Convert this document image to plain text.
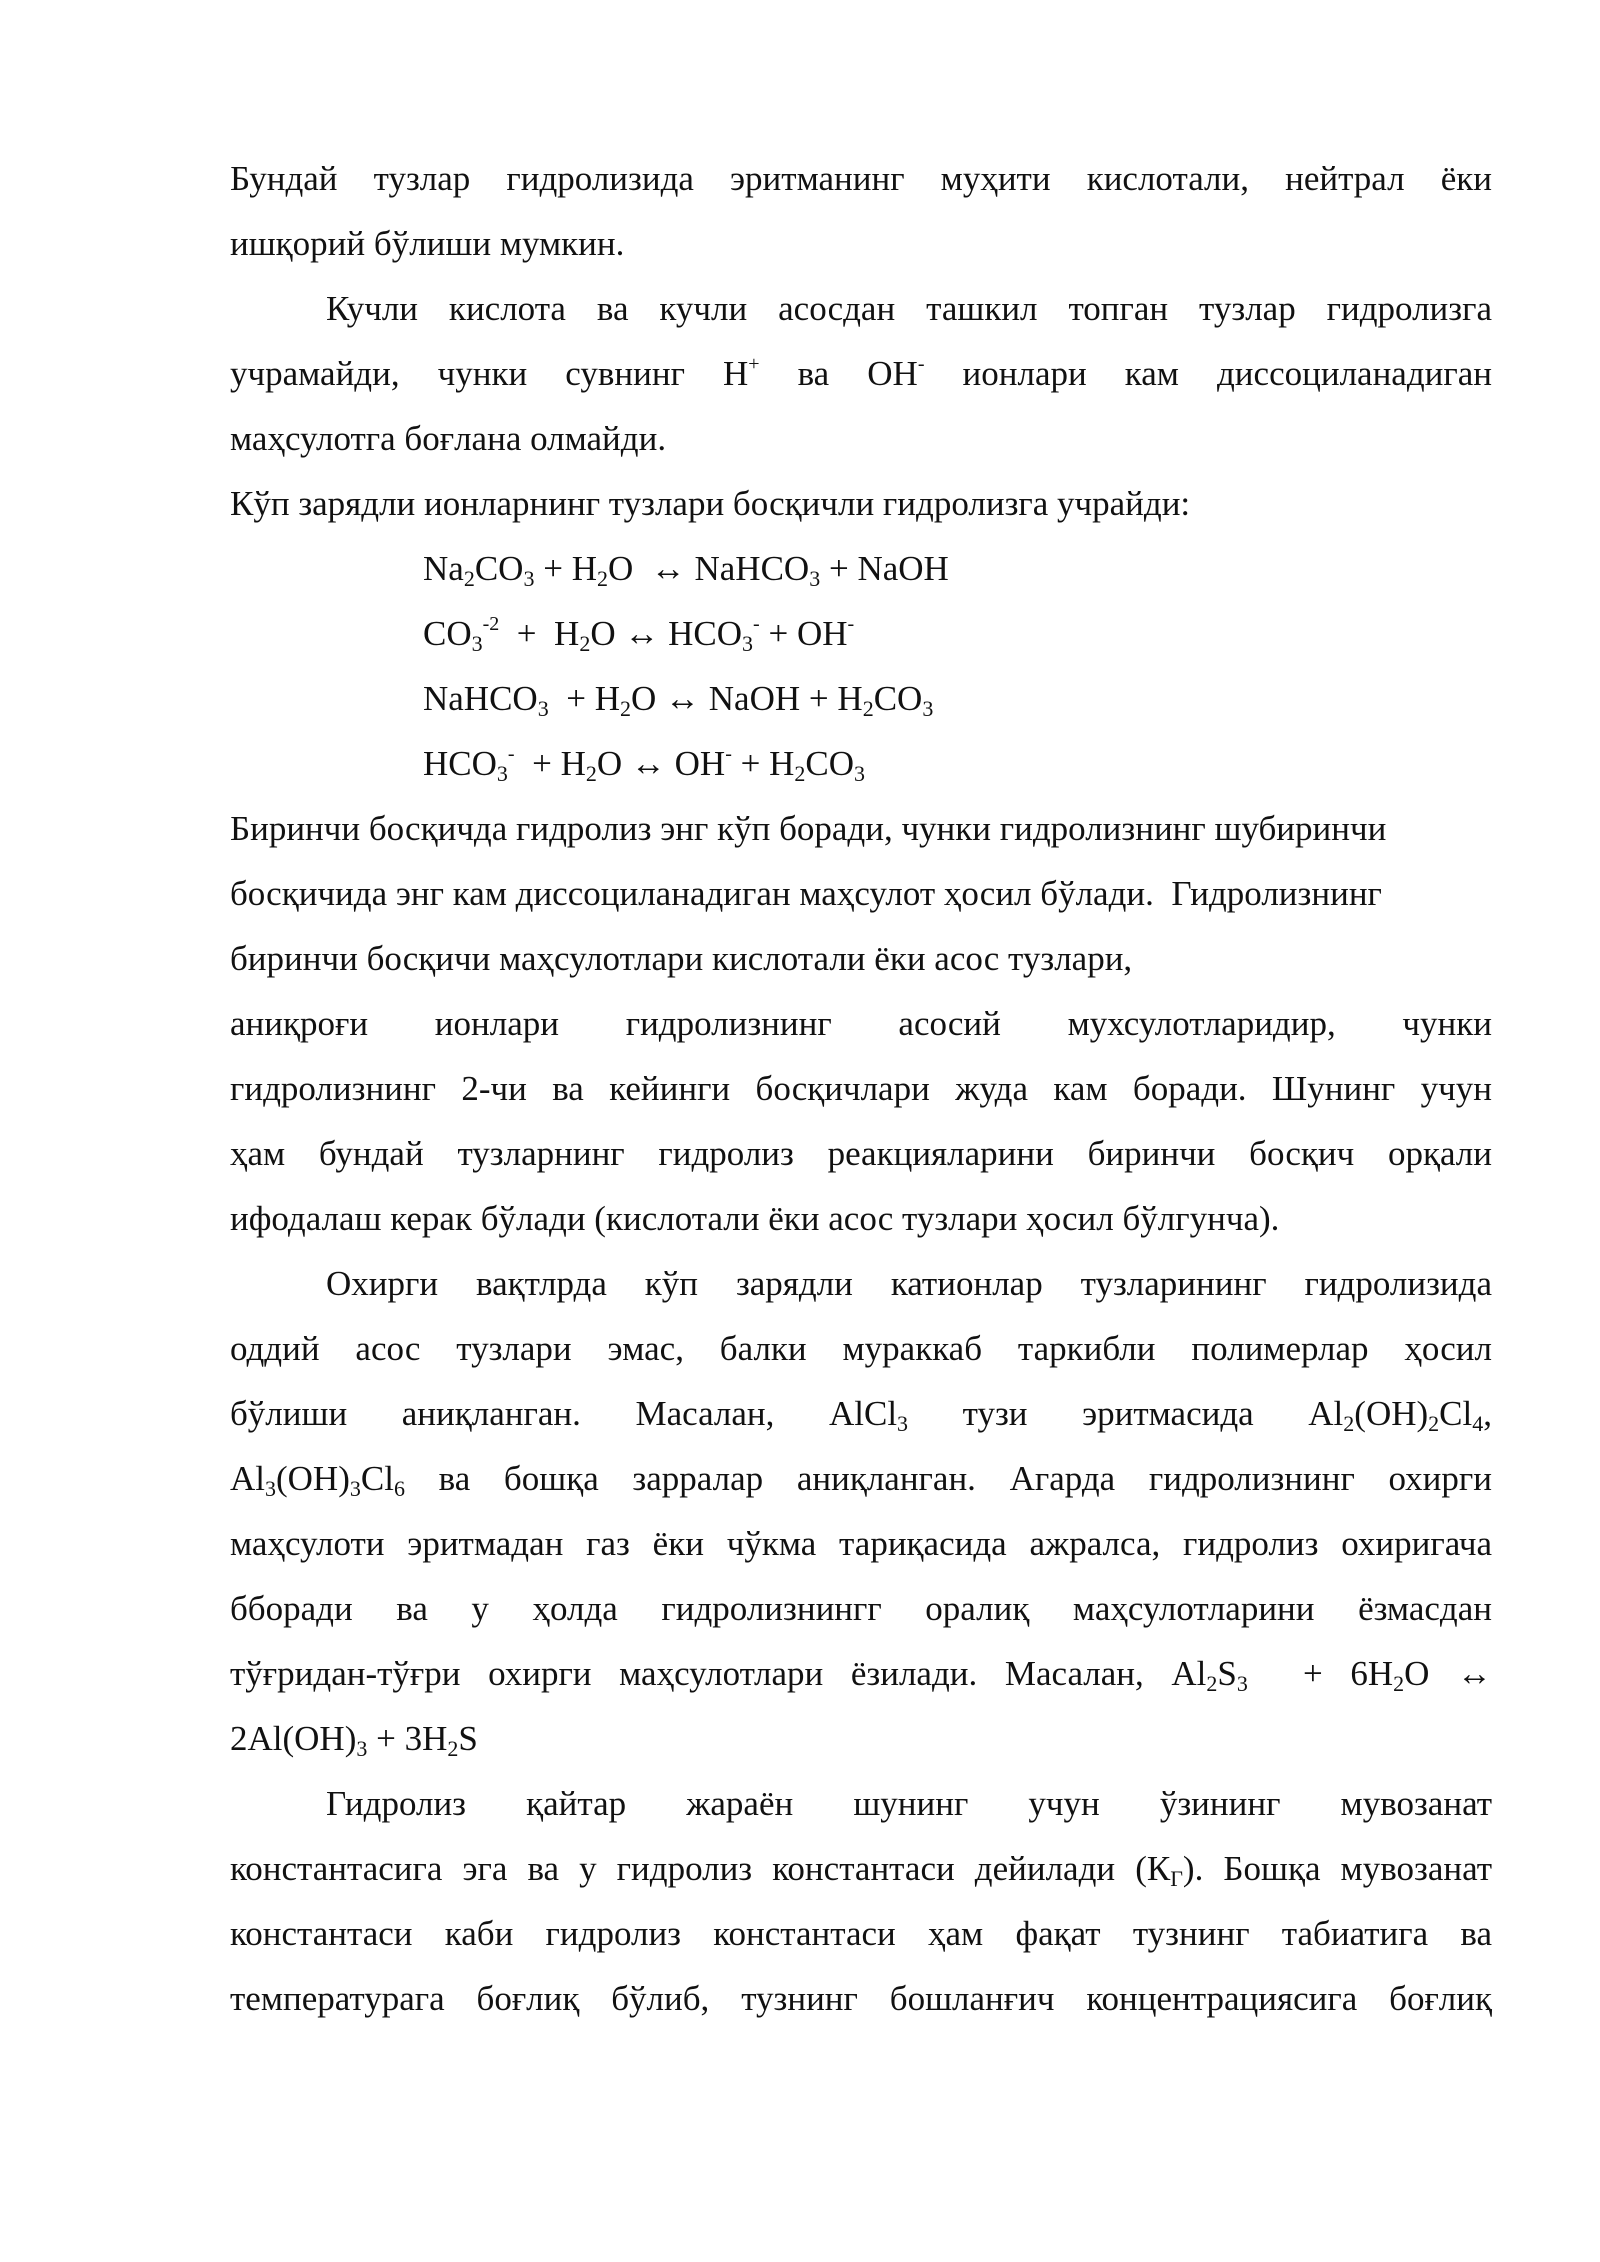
Бундай тузлар гидролизида эритманинг муҳити кислотали, нейтрал ёки
ишқорий бўлиши мумкин.
Кучли кислота ва кучли асосдан ташкил топган тузлар гидролизга
учрамайди, чунки сувнинг H+ ва OH- ионлари кам диссоциланадиган
маҳсулотга боғлана олмайди.
Кўп зарядли ионларнинг тузлари босқичли гидролизга учрайди:
$Na_2CO_3 + H_2O$ ↔ NaHCO$_3$ + NaOH
$CO_3^{-2} + H_2O$ ↔ $HCO_3^- + OH^-$
NaHCO$_3$  + $H_2O$ ↔ NaOH + $H_2CO_3$
$HCO_3^- + H_2O$ ↔ $OH^- + H_2CO_3$
Биринчи босқичда гидролиз энг кўп боради, чунки гидролизнинг шубиринчи
босқичида энг кам диссоциланадиган маҳсулот ҳосил бўлади.  Гидролизнинг
биринчи босқичи маҳсулотлари кислотали ёки асос тузлари,
аниқроғи ионлари гидролизнинг асосий мухсулотларидир, чунки
гидролизнинг 2-чи ва кейинги босқичлари жуда кам боради. Шунинг учун
ҳам бундай тузларнинг гидролиз реакцияларини биринчи босқич орқали
ифодалаш керак бўлади (кислотали ёки асос тузлари ҳосил бўлгунча).
Охирги вақтлрда кўп зарядли катионлар тузларининг гидролизида
оддий асос тузлари эмас, балки мураккаб таркибли полимерлар ҳосил
бўлиши аниқланган. Масалан, AlCl$_3$ тузи эритмасида $Al_2(OH)_2Cl_4$,
$Al_3(OH)_3Cl_6$ ва бошқа зарралар аниқланган. Агарда гидролизнинг охирги
маҳсулоти эритмадан газ ёки чўкма тариқасида ажралса, гидролиз охиригача
бборади ва у ҳолда гидролизнингг оралиқ маҳсулотларини ёзмасдан
тўғридан-тўғри охирги маҳсулотлари ёзилади. Масалан, $Al_2S_3 + 6H_2O$ ↔
$2Al(OH)_3 + 3H_2S$
Гидролиз қайтар жараён шунинг учун ўзининг мувозанат
константасига эга ва у гидролиз константаси дейилади $(К_Г)$. Бошқа мувозанат
константаси каби гидролиз константаси ҳам фақат тузнинг табиатига ва
температурага боғлиқ бўлиб, тузнинг бошланғич концентрациясига боғлиқ
